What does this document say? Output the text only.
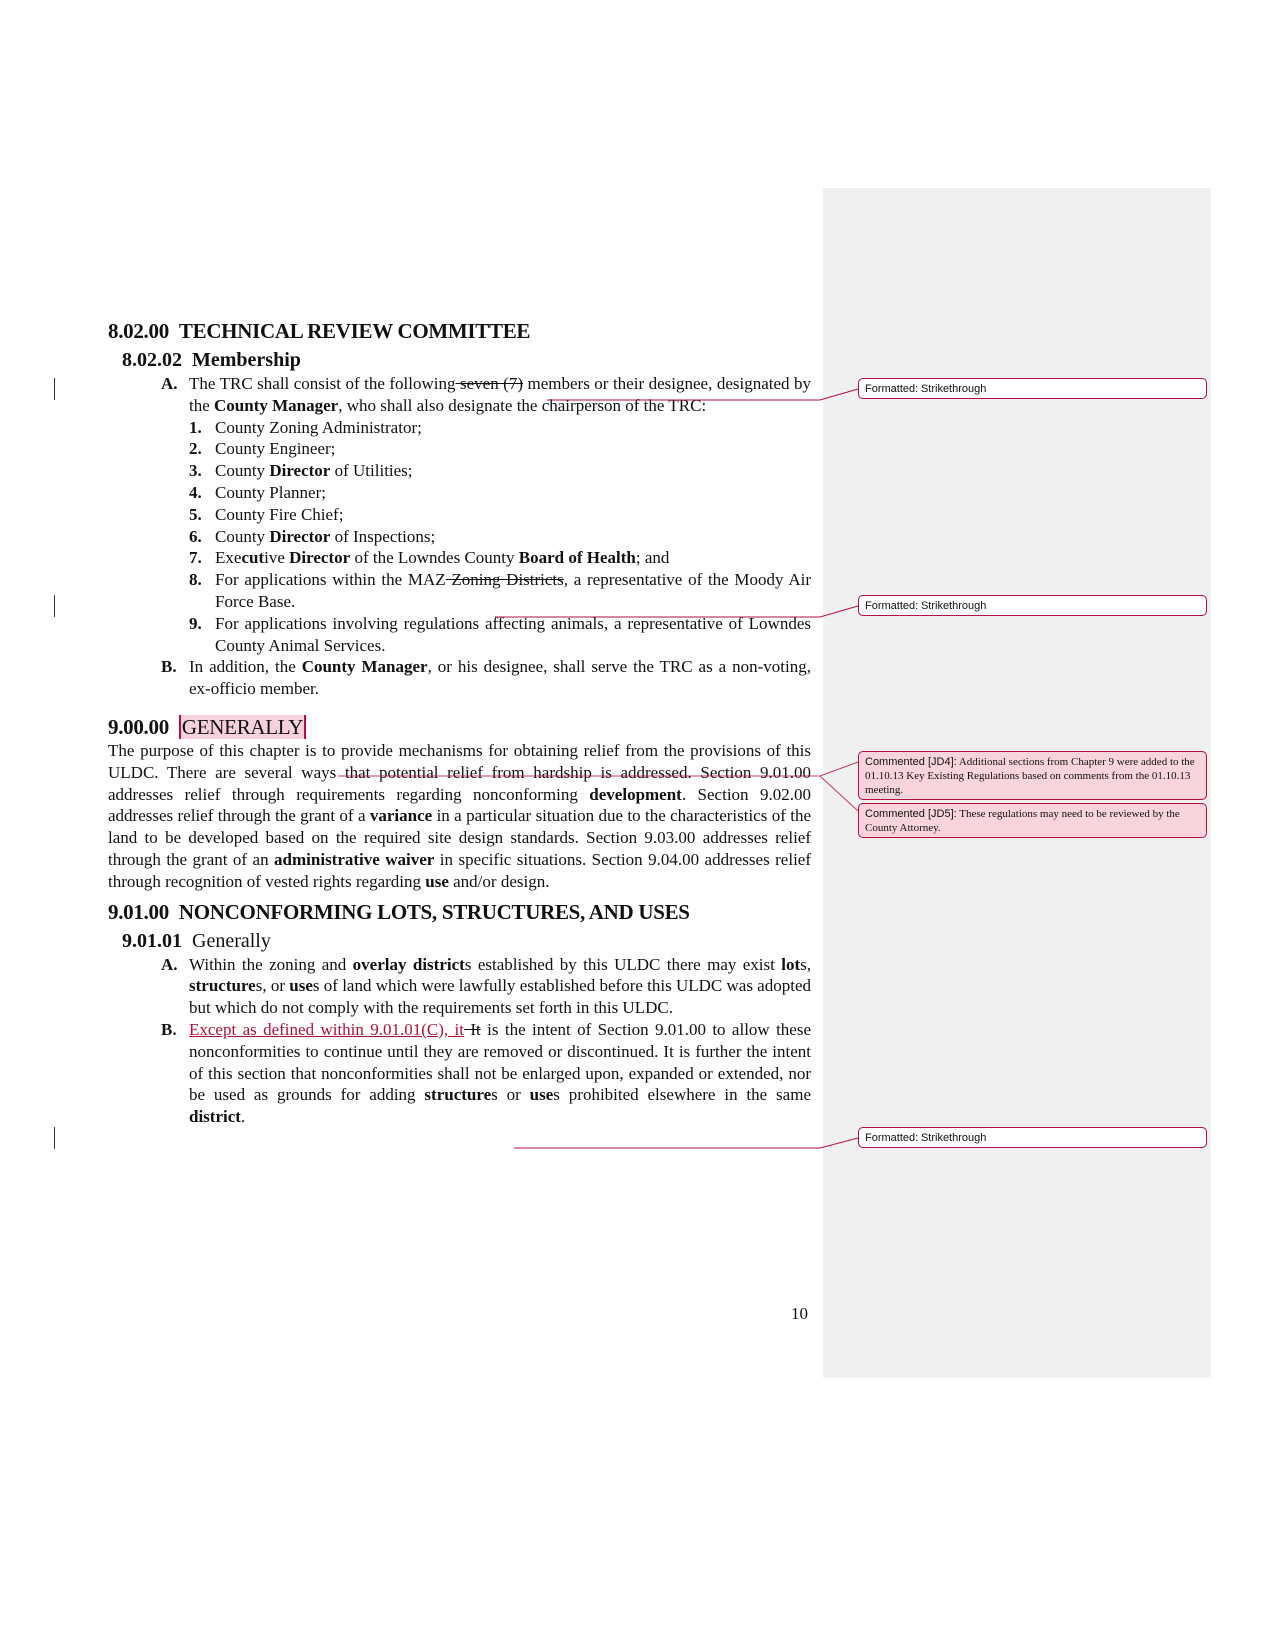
8.02.00 TECHNICAL REVIEW COMMITTEE
8.02.02 Membership
A. The TRC shall consist of the following seven (7) members or their designee, designated by the County Manager, who shall also designate the chairperson of the TRC:
1. County Zoning Administrator;
2. County Engineer;
3. County Director of Utilities;
4. County Planner;
5. County Fire Chief;
6. County Director of Inspections;
7. Executive Director of the Lowndes County Board of Health; and
8. For applications within the MAZ Zoning Districts, a representative of the Moody Air Force Base.
9. For applications involving regulations affecting animals, a representative of Lowndes County Animal Services.
B. In addition, the County Manager, or his designee, shall serve the TRC as a non-voting, ex-officio member.
9.00.00 GENERALLY

The purpose of this chapter is to provide mechanisms for obtaining relief from the provisions of this ULDC. There are several ways that potential relief from hardship is addressed. Section 9.01.00 addresses relief through requirements regarding nonconforming development. Section 9.02.00 addresses relief through the grant of a variance in a particular situation due to the characteristics of the land to be developed based on the required site design standards. Section 9.03.00 addresses relief through the grant of an administrative waiver in specific situations. Section 9.04.00 addresses relief through recognition of vested rights regarding use and/or design.

9.01.00 NONCONFORMING LOTS, STRUCTURES, AND USES
9.01.01 Generally
A. Within the zoning and overlay districts established by this ULDC there may exist lots, structures, or uses of land which were lawfully established before this ULDC was adopted but which do not comply with the requirements set forth in this ULDC.
B. Except as defined within 9.01.01(C), it It is the intent of Section 9.01.00 to allow these nonconformities to continue until they are removed or discontinued. It is further the intent of this section that nonconformities shall not be enlarged upon, expanded or extended, nor be used as grounds for adding structures or uses prohibited elsewhere in the same district.
Formatted: Strikethrough
Formatted: Strikethrough
Commented [JD4]: Additional sections from Chapter 9 were added to the 01.10.13 Key Existing Regulations based on comments from the 01.10.13 meeting.
Commented [JD5]: These regulations may need to be reviewed by the County Attorney.
Formatted: Strikethrough
10
